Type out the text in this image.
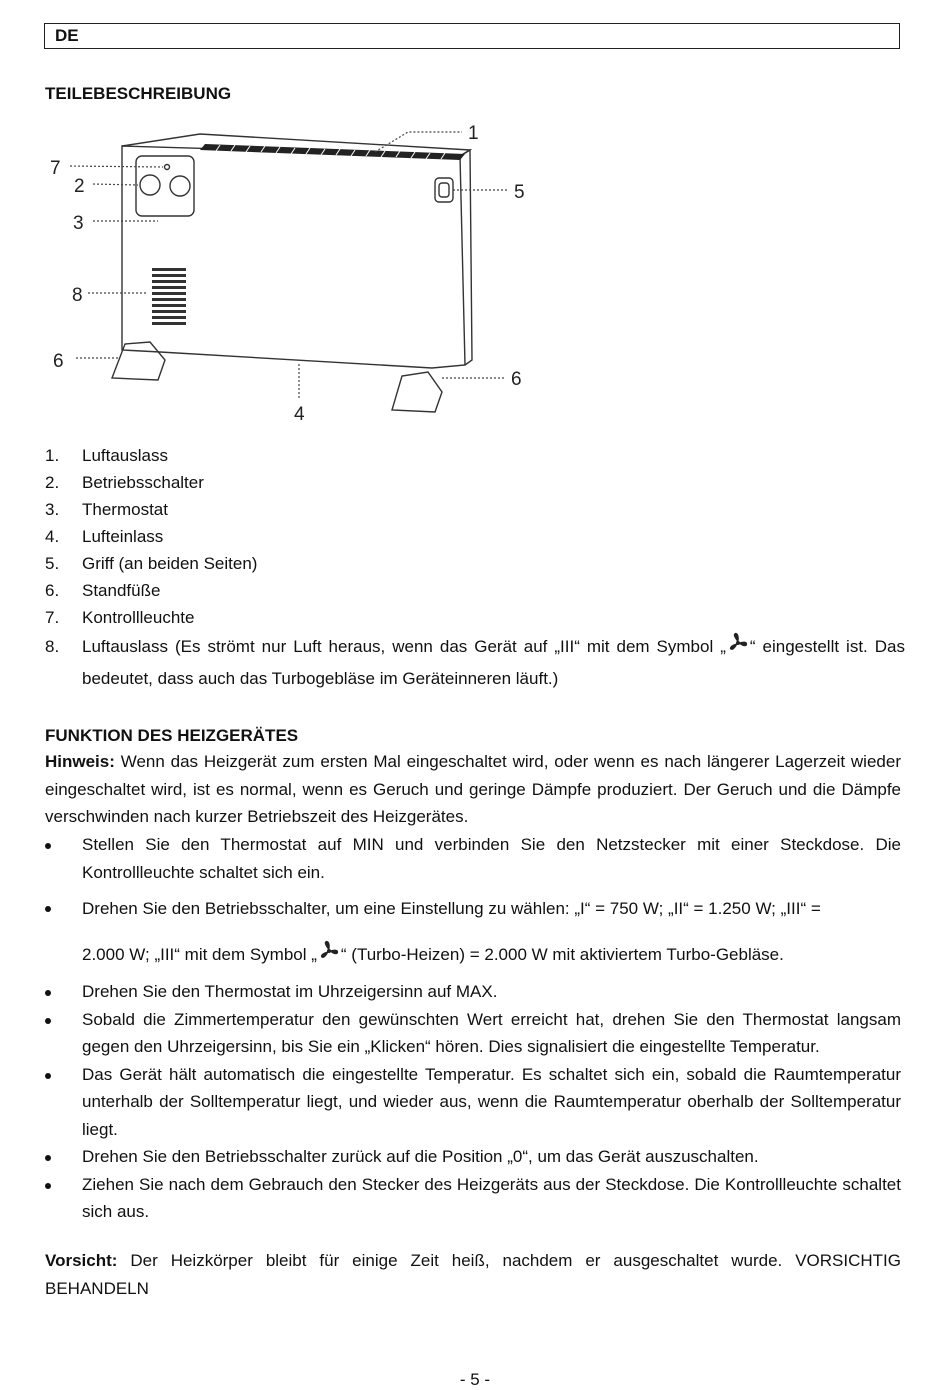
DE
TEILEBESCHREIBUNG
1
2
3
4
5
6
6
7
8
1. Luftauslass
2. Betriebsschalter
3. Thermostat
4. Lufteinlass
5. Griff (an beiden Seiten)
6. Standfüße
7. Kontrollleuchte
8. Luftauslass (Es strömt nur Luft heraus, wenn das Gerät auf „III“ mit dem Symbol „ “ eingestellt ist. Das bedeutet, dass auch das Turbogebläse im Geräteinneren läuft.)
FUNKTION DES HEIZGERÄTES
Hinweis: Wenn das Heizgerät zum ersten Mal eingeschaltet wird, oder wenn es nach längerer Lagerzeit wieder eingeschaltet wird, ist es normal, wenn es Geruch und geringe Dämpfe produziert. Der Geruch und die Dämpfe verschwinden nach kurzer Betriebszeit des Heizgerätes.
Stellen Sie den Thermostat auf MIN und verbinden Sie den Netzstecker mit einer Steckdose. Die Kontrollleuchte schaltet sich ein.
Drehen Sie den Betriebsschalter, um eine Einstellung zu wählen: „I“ = 750 W; „II“ = 1.250 W; „III“ =
2.000 W; „III“ mit dem Symbol „ “ (Turbo-Heizen) = 2.000 W mit aktiviertem Turbo-Gebläse.
Drehen Sie den Thermostat im Uhrzeigersinn auf MAX.
Sobald die Zimmertemperatur den gewünschten Wert erreicht hat, drehen Sie den Thermostat langsam gegen den Uhrzeigersinn, bis Sie ein „Klicken“ hören. Dies signalisiert die eingestellte Temperatur.
Das Gerät hält automatisch die eingestellte Temperatur. Es schaltet sich ein, sobald die Raumtemperatur unterhalb der Solltemperatur liegt, und wieder aus, wenn die Raumtemperatur oberhalb der Solltemperatur liegt.
Drehen Sie den Betriebsschalter zurück auf die Position „0“, um das Gerät auszuschalten.
Ziehen Sie nach dem Gebrauch den Stecker des Heizgeräts aus der Steckdose. Die Kontrollleuchte schaltet sich aus.
Vorsicht: Der Heizkörper bleibt für einige Zeit heiß, nachdem er ausgeschaltet wurde. VORSICHTIG BEHANDELN
- 5 -
